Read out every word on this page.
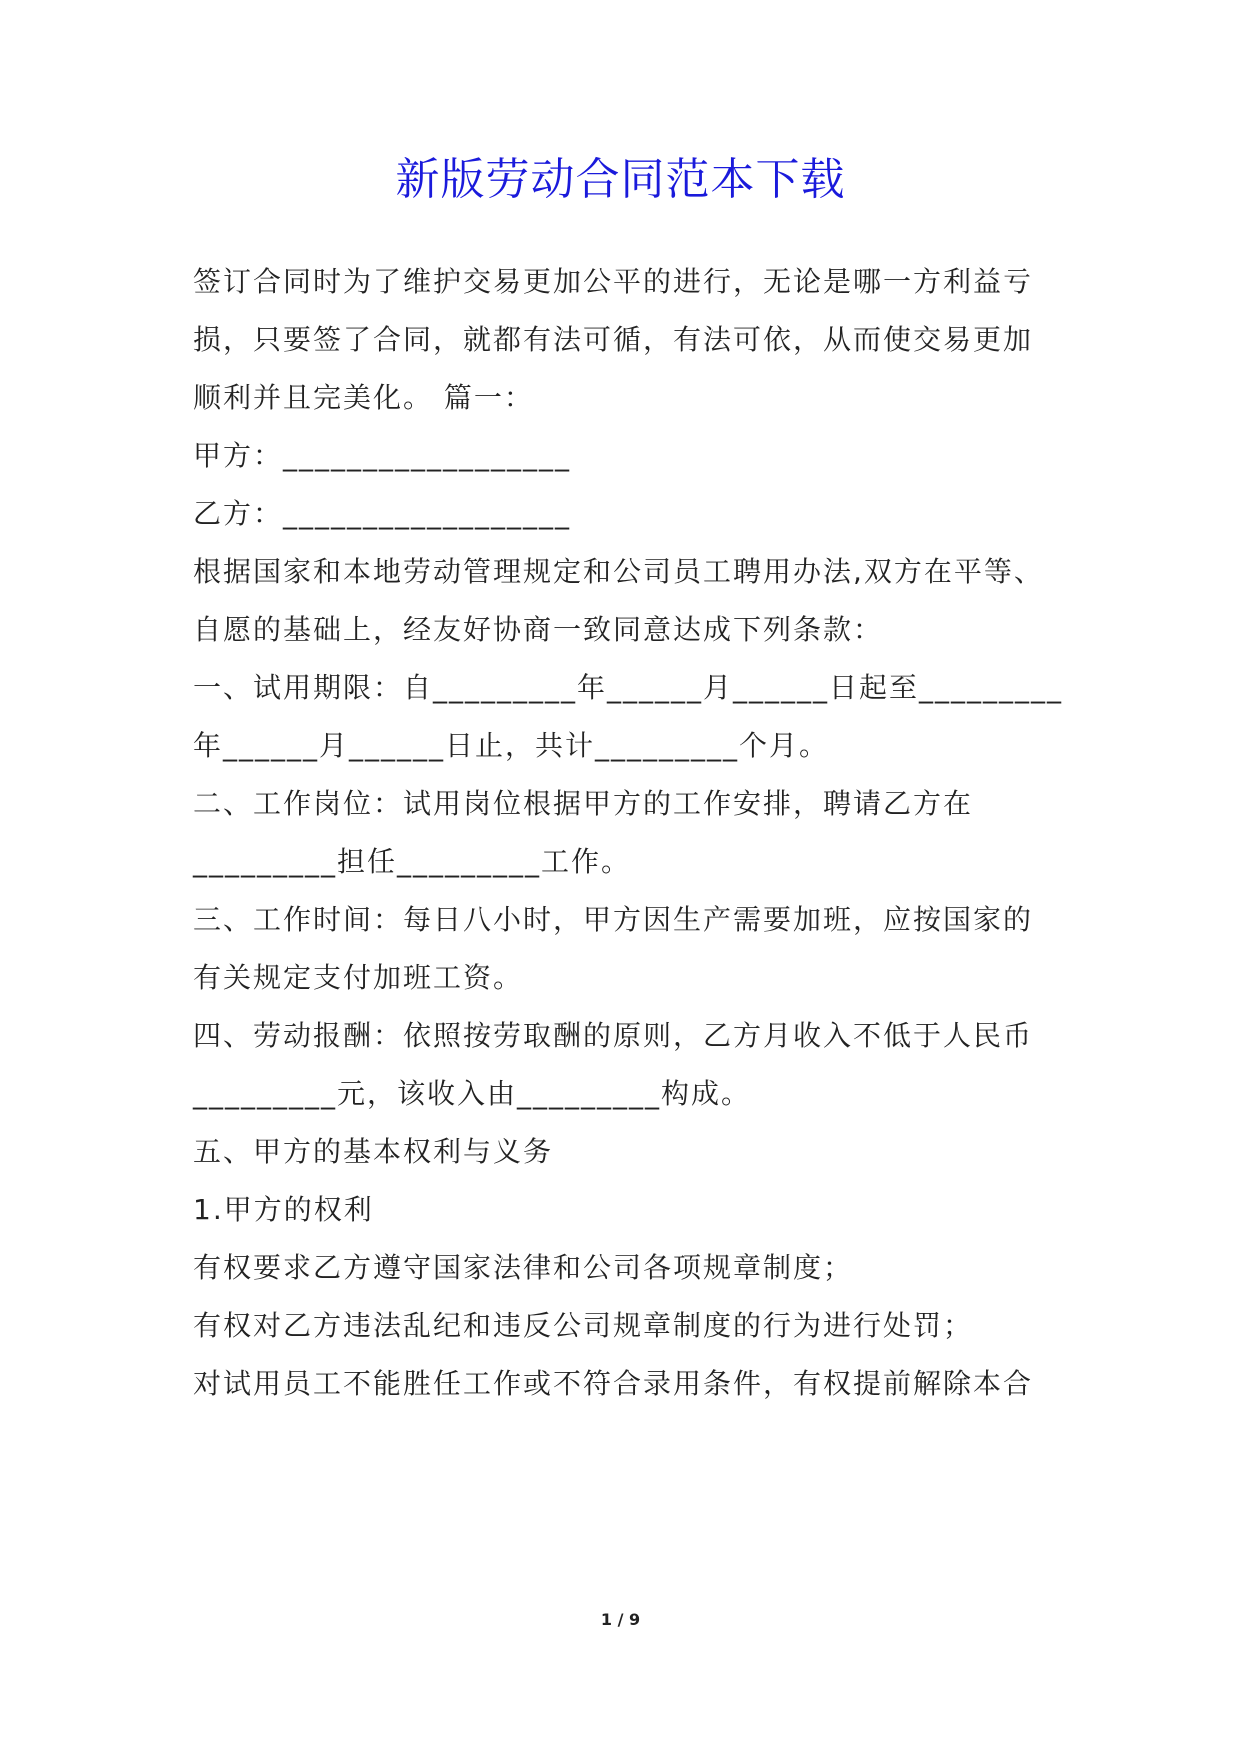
新版劳动合同范本下载
签订合同时为了维护交易更加公平的进行，无论是哪一方利益亏
损，只要签了合同，就都有法可循，有法可依，从而使交易更加
顺利并且完美化。 篇一：
甲方：__________________
乙方：__________________
根据国家和本地劳动管理规定和公司员工聘用办法,双方在平等、
自愿的基础上，经友好协商一致同意达成下列条款：
一、试用期限：自_________年______月______日起至_________
年______月______日止，共计_________个月。
二、工作岗位：试用岗位根据甲方的工作安排，聘请乙方在
_________担任_________工作。
三、工作时间：每日八小时，甲方因生产需要加班，应按国家的
有关规定支付加班工资。
四、劳动报酬：依照按劳取酬的原则，乙方月收入不低于人民币
_________元，该收入由_________构成。
五、甲方的基本权利与义务
1.甲方的权利
有权要求乙方遵守国家法律和公司各项规章制度；
有权对乙方违法乱纪和违反公司规章制度的行为进行处罚；
对试用员工不能胜任工作或不符合录用条件，有权提前解除本合
1 / 9
